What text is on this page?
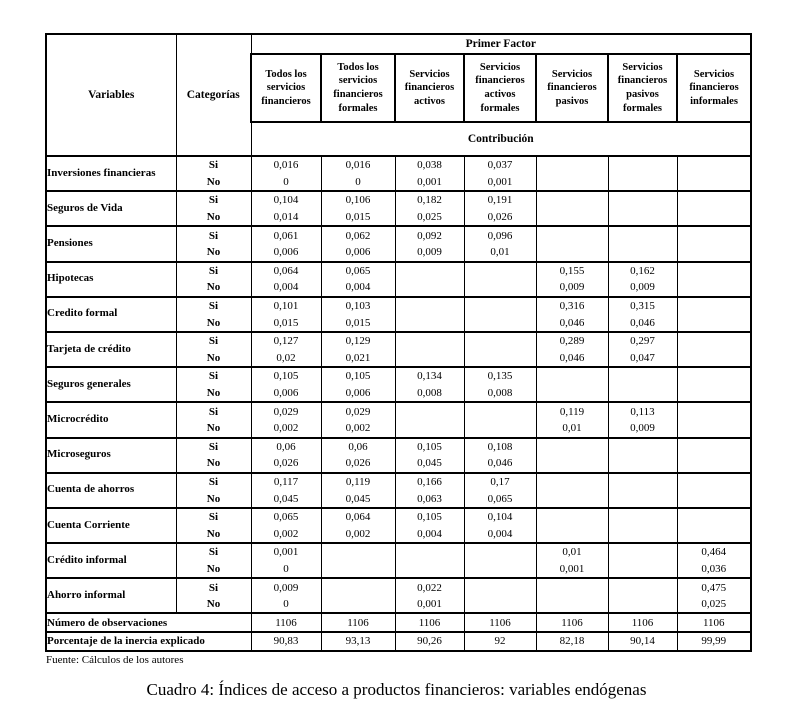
Variables	Categorías	Primer Factor						
		Todos los servicios financieros	Todos los servicios financieros formales	Servicios financieros activos	Servicios financieros activos formales	Servicios financieros pasivos	Servicios financieros pasivos formales	Servicios financieros informales
		Contribución						
Inversiones financieras	Si	0,016	0,016	0,038	0,037			
	No	0	0	0,001	0,001			
Seguros de Vida	Si	0,104	0,106	0,182	0,191			
	No	0,014	0,015	0,025	0,026			
Pensiones	Si	0,061	0,062	0,092	0,096			
	No	0,006	0,006	0,009	0,01			
Hipotecas	Si	0,064	0,065			0,155	0,162	
	No	0,004	0,004			0,009	0,009	
Credito formal	Si	0,101	0,103			0,316	0,315	
	No	0,015	0,015			0,046	0,046	
Tarjeta de crédito	Si	0,127	0,129			0,289	0,297	
	No	0,02	0,021			0,046	0,047	
Seguros generales	Si	0,105	0,105	0,134	0,135			
	No	0,006	0,006	0,008	0,008			
Microcrédito	Si	0,029	0,029			0,119	0,113	
	No	0,002	0,002			0,01	0,009	
Microseguros	Si	0,06	0,06	0,105	0,108			
	No	0,026	0,026	0,045	0,046			
Cuenta de ahorros	Si	0,117	0,119	0,166	0,17			
	No	0,045	0,045	0,063	0,065			
Cuenta Corriente	Si	0,065	0,064	0,105	0,104			
	No	0,002	0,002	0,004	0,004			
Crédito informal	Si	0,001				0,01		0,464
	No	0				0,001		0,036
Ahorro informal	Si	0,009		0,022				0,475
	No	0		0,001				0,025
Número de observaciones		1106	1106	1106	1106	1106	1106	1106
Porcentaje de la inercia explicado		90,83	93,13	90,26	92	82,18	90,14	99,99
Fuente: Cálculos de los autores
Cuadro 4: Índices de acceso a productos financieros: variables endógenas
